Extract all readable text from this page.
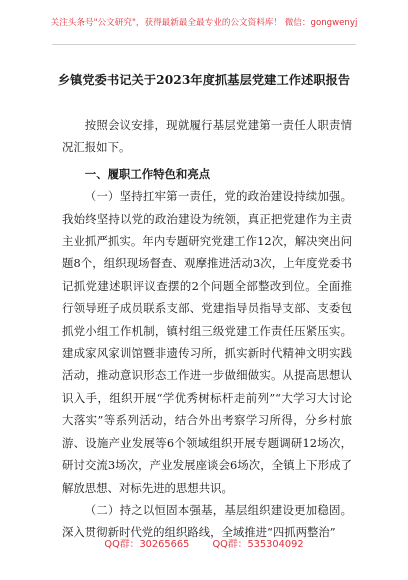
关注头条号"公文研究"，获得最新最全最专业的公文资料库！ 微信：gongwenyj
乡镇党委书记关于2023年度抓基层党建工作述职报告

按照会议安排，现就履行基层党建第一责任人职责情况汇报如下。

一、履职工作特色和亮点

（一）坚持扛牢第一责任，党的政治建设持续加强。我始终坚持以党的政治建设为统领，真正把党建作为主责主业抓严抓实。年内专题研究党建工作12次，解决突出问题8个，组织现场督查、观摩推进活动3次，上年度党委书记抓党建述职评议查摆的2个问题全部整改到位。全面推行领导班子成员联系支部、党建指导员指导支部、支委包抓党小组工作机制，镇村组三级党建工作责任压紧压实。建成家风家训馆暨非遗传习所，抓实新时代精神文明实践活动，推动意识形态工作进一步做细做实。从提高思想认识入手，组织开展“学优秀树标杆走前列”“大学习大讨论大落实”等系列活动，结合外出考察学习所得，分乡村旅游、设施产业发展等6个领域组织开展专题调研12场次，研讨交流3场次，产业发展座谈会6场次，全镇上下形成了解放思想、对标先进的思想共识。

（二）持之以恒固本强基，基层组织建设更加稳固。深入贯彻新时代党的组织路线，全域推进“四抓两整治”

QQ群：30265665 QQ群：535304092
